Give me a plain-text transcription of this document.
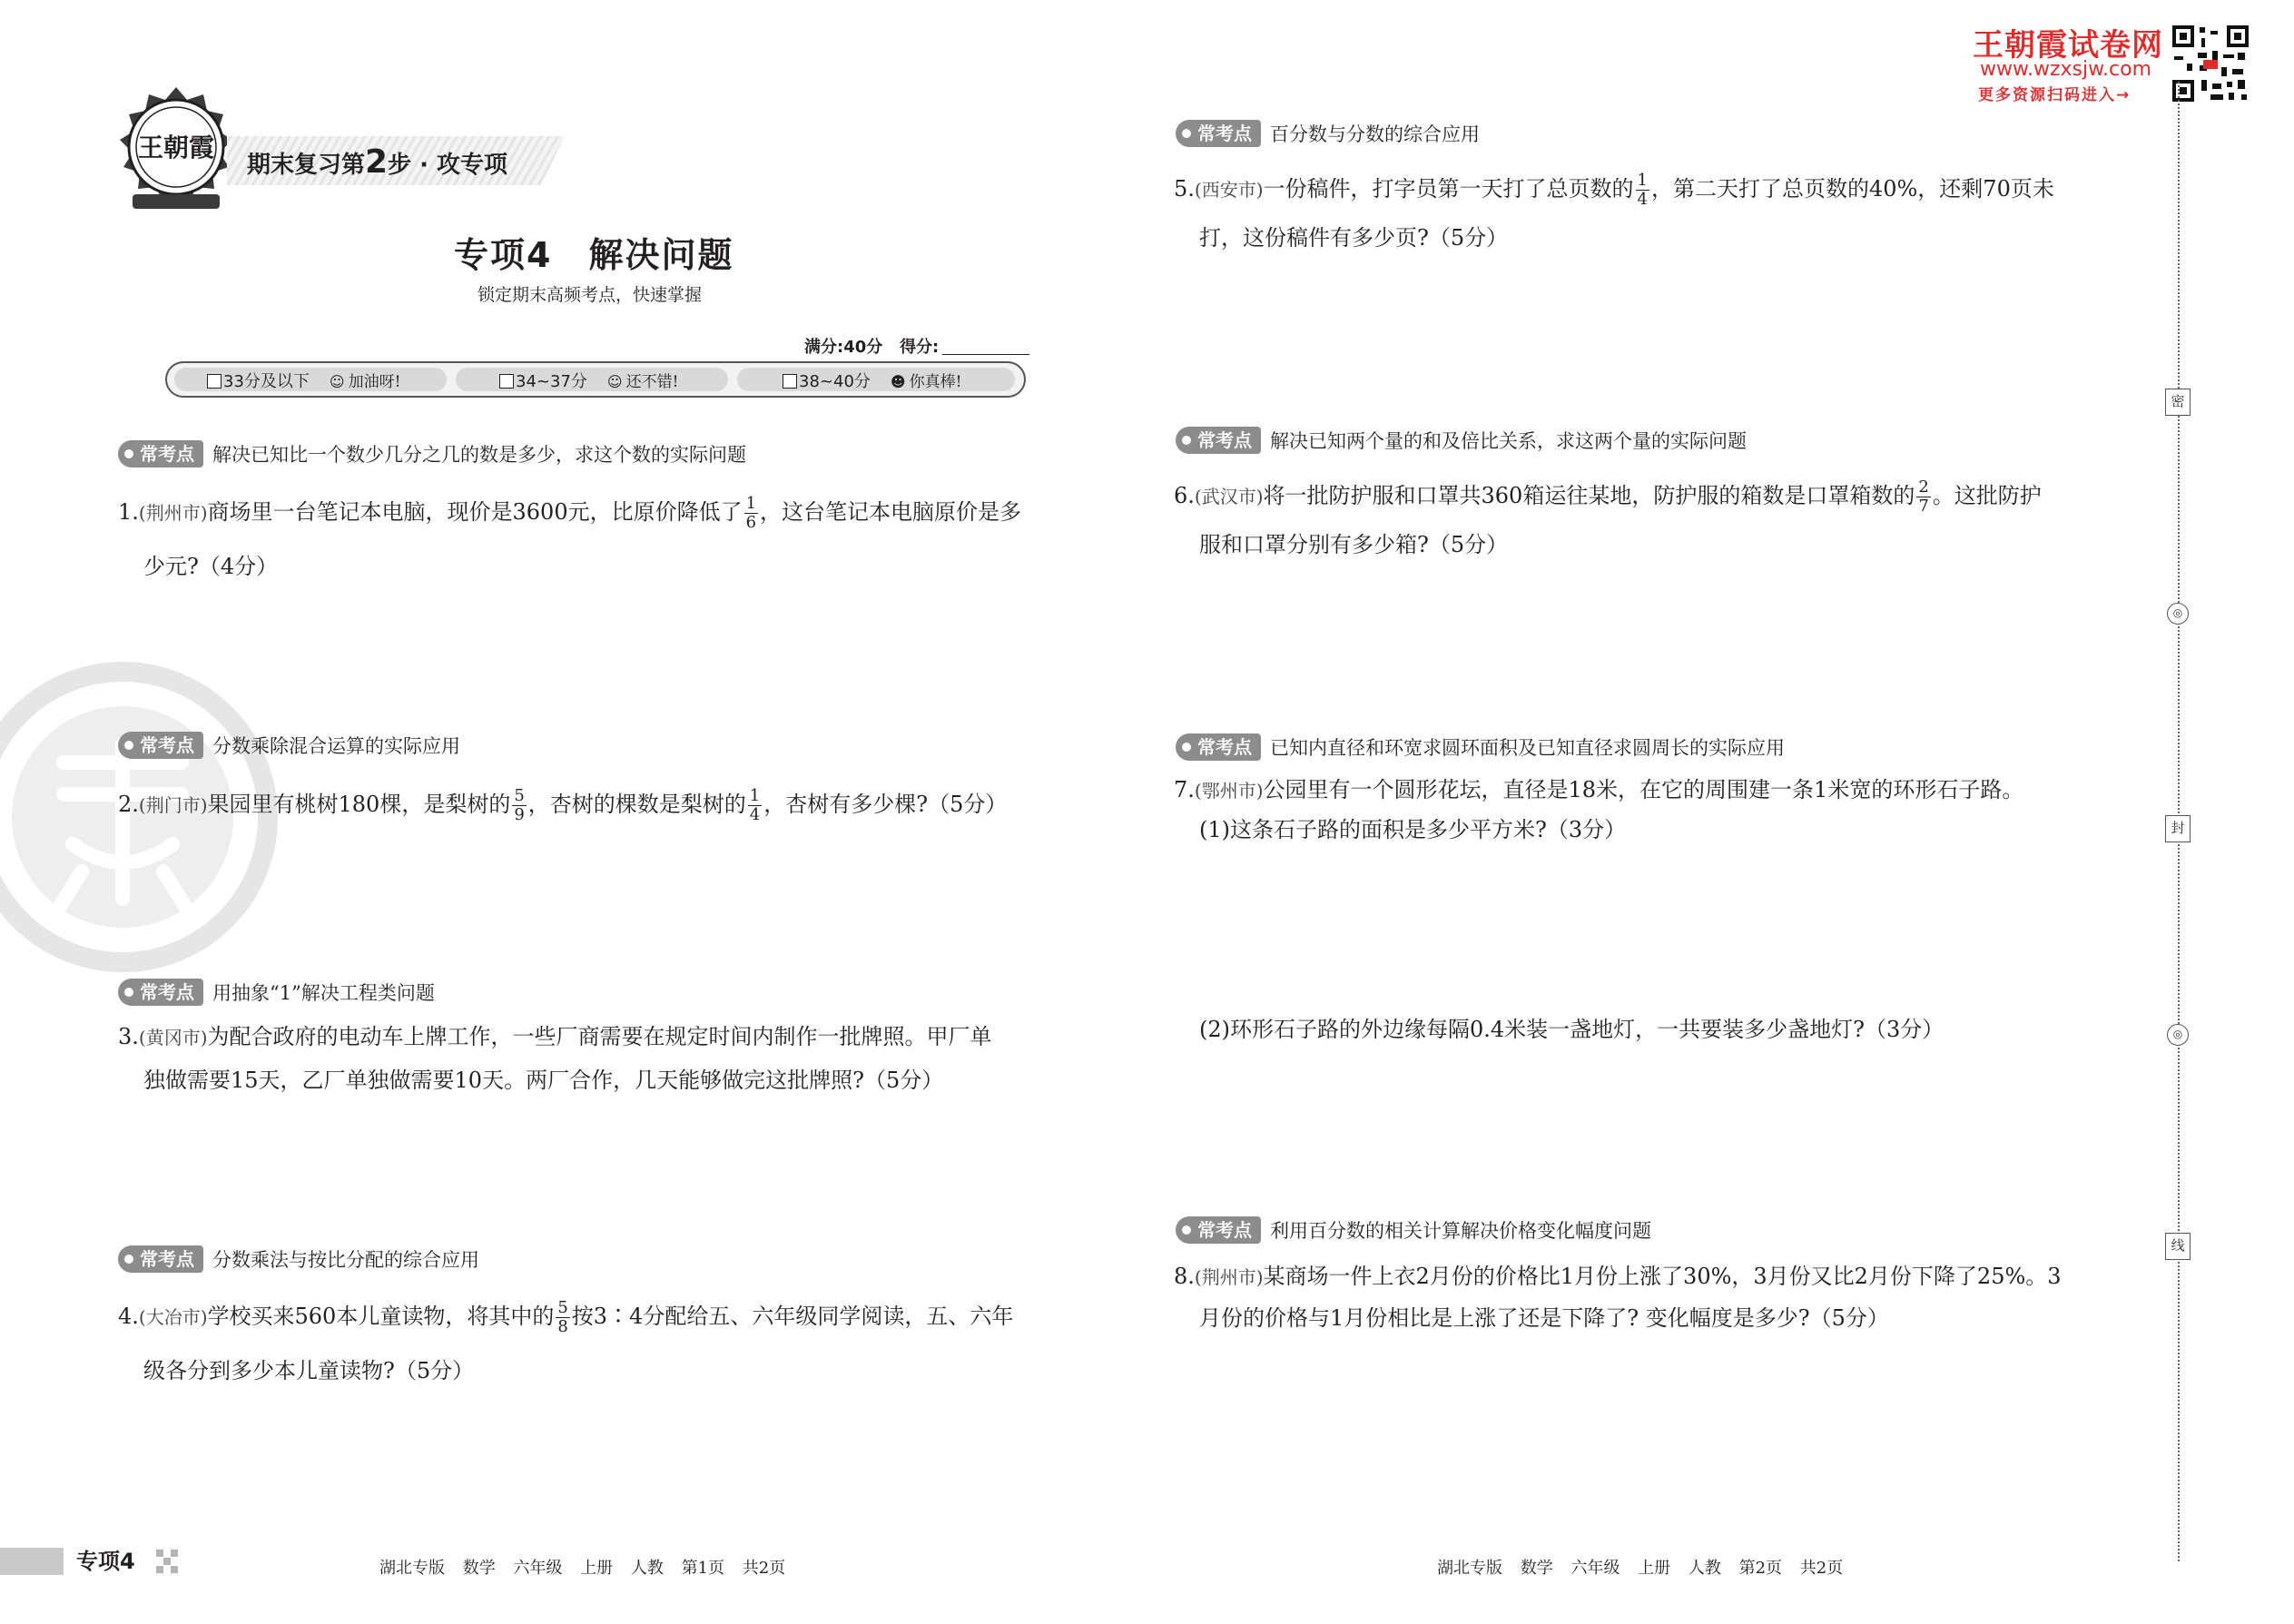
王朝霞
期末复习第2步 · 攻专项
专项4　解决问题
锁定期末高频考点，快速掌握
满分:40分 得分:
33分及以下 ☺ 加油呀!	34~37分 ☺ 还不错!	38~40分 ☻ 你真棒!
常考点 解决已知比一个数少几分之几的数是多少，求这个数的实际问题
1.(荆州市)商场里一台笔记本电脑，现价是3600元，比原价降低了 $\frac{1}{6}$ ，这台笔记本电脑原价是多
少元?（4分）
常考点 分数乘除混合运算的实际应用
2.(荆门市)果园里有桃树180棵，是梨树的 $\frac{5}{9}$ ，杏树的棵数是梨树的 $\frac{1}{4}$ ，杏树有多少棵?（5分）
常考点 用抽象“1”解决工程类问题
3.(黄冈市)为配合政府的电动车上牌工作，一些厂商需要在规定时间内制作一批牌照。甲厂单
独做需要15天，乙厂单独做需要10天。两厂合作，几天能够做完这批牌照?（5分）
常考点 分数乘法与按比分配的综合应用
4.(大冶市)学校买来560本儿童读物，将其中的 $\frac{5}{8}$ 按3∶4分配给五、六年级同学阅读，五、六年
级各分到多少本儿童读物?（5分）
专项4	湖北专版 数学 六年级 上册 人教 第1页 共2页
王朝霞试卷网
www.wzxsjw.com
更多资源扫码进入→
密
◎
封
◎
线
常考点 百分数与分数的综合应用
5.(西安市)一份稿件，打字员第一天打了总页数的 $\frac{1}{4}$ ，第二天打了总页数的40%，还剩70页未
打，这份稿件有多少页?（5分）
常考点 解决已知两个量的和及倍比关系，求这两个量的实际问题
6.(武汉市)将一批防护服和口罩共360箱运往某地，防护服的箱数是口罩箱数的 $\frac{2}{7}$ 。这批防护
服和口罩分别有多少箱?（5分）
常考点 已知内直径和环宽求圆环面积及已知直径求圆周长的实际应用
7.(鄂州市)公园里有一个圆形花坛，直径是18米，在它的周围建一条1米宽的环形石子路。
(1)这条石子路的面积是多少平方米?（3分）
(2)环形石子路的外边缘每隔0.4米装一盏地灯，一共要装多少盏地灯?（3分）
常考点 利用百分数的相关计算解决价格变化幅度问题
8.(荆州市)某商场一件上衣2月份的价格比1月份上涨了30%，3月份又比2月份下降了25%。3
月份的价格与1月份相比是上涨了还是下降了? 变化幅度是多少?（5分）
湖北专版 数学 六年级 上册 人教 第2页 共2页
